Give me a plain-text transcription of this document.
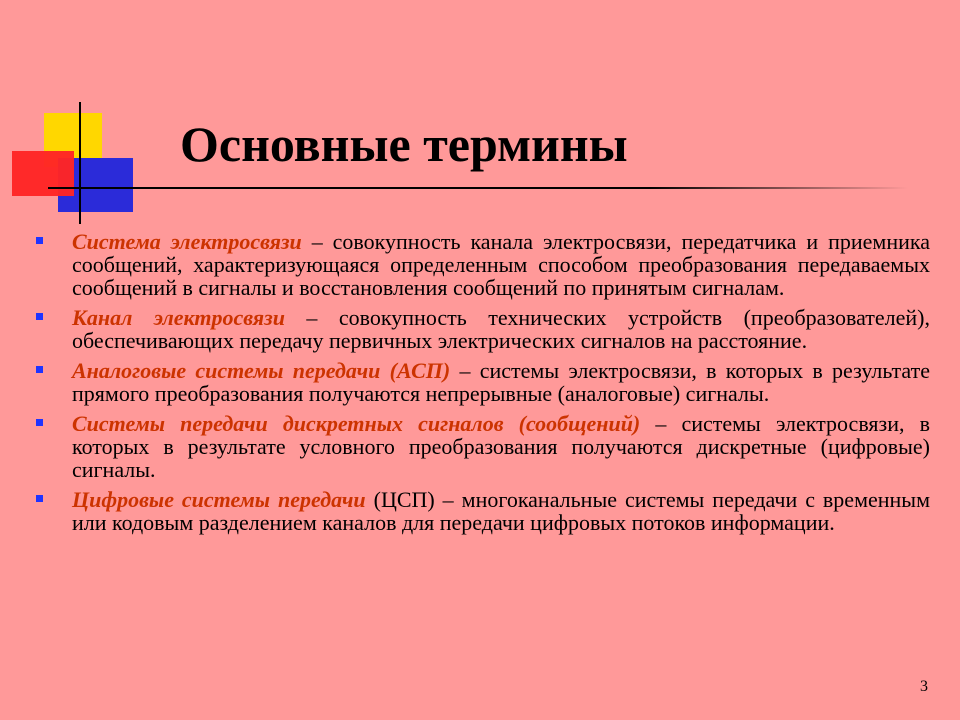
Основные термины
Система электросвязи – совокупность канала электросвязи, передатчика и приемника сообщений, характеризующаяся определенным способом преобразования передаваемых сообщений в сигналы и восстановления сообщений по принятым сигналам.
Канал электросвязи – совокупность технических устройств (преобразователей), обеспечивающих передачу первичных электрических сигналов на расстояние.
Аналоговые системы передачи (АСП) – системы электросвязи, в которых в результате прямого преобразования получаются непрерывные (аналоговые) сигналы.
Системы передачи дискретных сигналов (сообщений) – системы электросвязи, в которых в результате условного преобразования получаются дискретные (цифровые) сигналы.
Цифровые системы передачи (ЦСП) – многоканальные системы передачи с временным или кодовым разделением каналов для передачи цифровых потоков информации.
3
